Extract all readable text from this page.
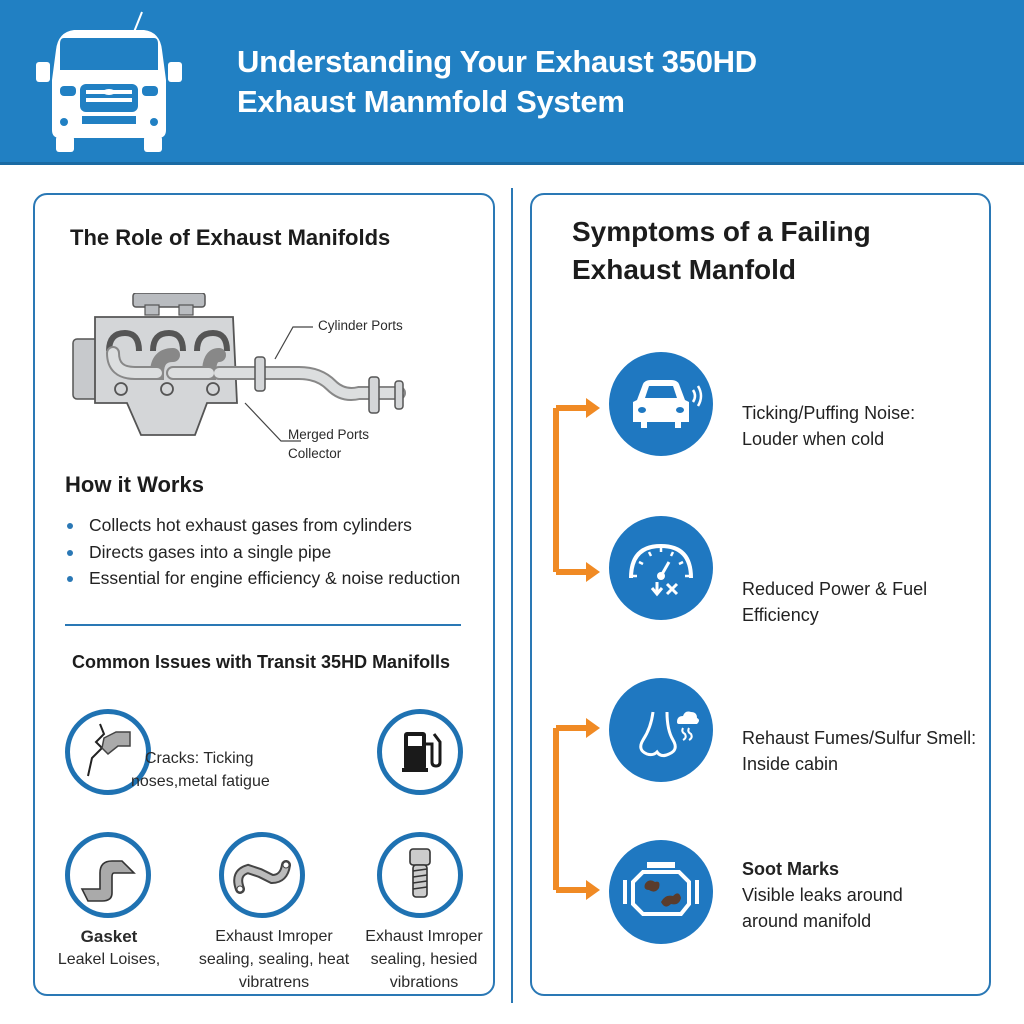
Understanding Your Exhaust 350HD
Exhaust Manmfold System
The Role of Exhaust Manifolds
Cylinder Ports
Merged Ports
Collector
How it Works
Collects hot exhaust gases from cylinders
Directs gases into a single pipe
Essential for engine efficiency & noise reduction
Common Issues with Transit 35HD Manifolls
Cracks: Ticking
noses,metal fatigue
Gasket
Leakel Loises,
Exhaust Imroper
sealing, sealing, heat
vibratrens
Exhaust Imroper
sealing, hesied
vibrations
Symptoms of a Failing
Exhaust Manfold
Ticking/Puffing Noise:
Louder when cold
Reduced Power & Fuel
Efficiency
Rehaust Fumes/Sulfur Smell:
Inside cabin
Soot Marks
Visible leaks around
around manifold
